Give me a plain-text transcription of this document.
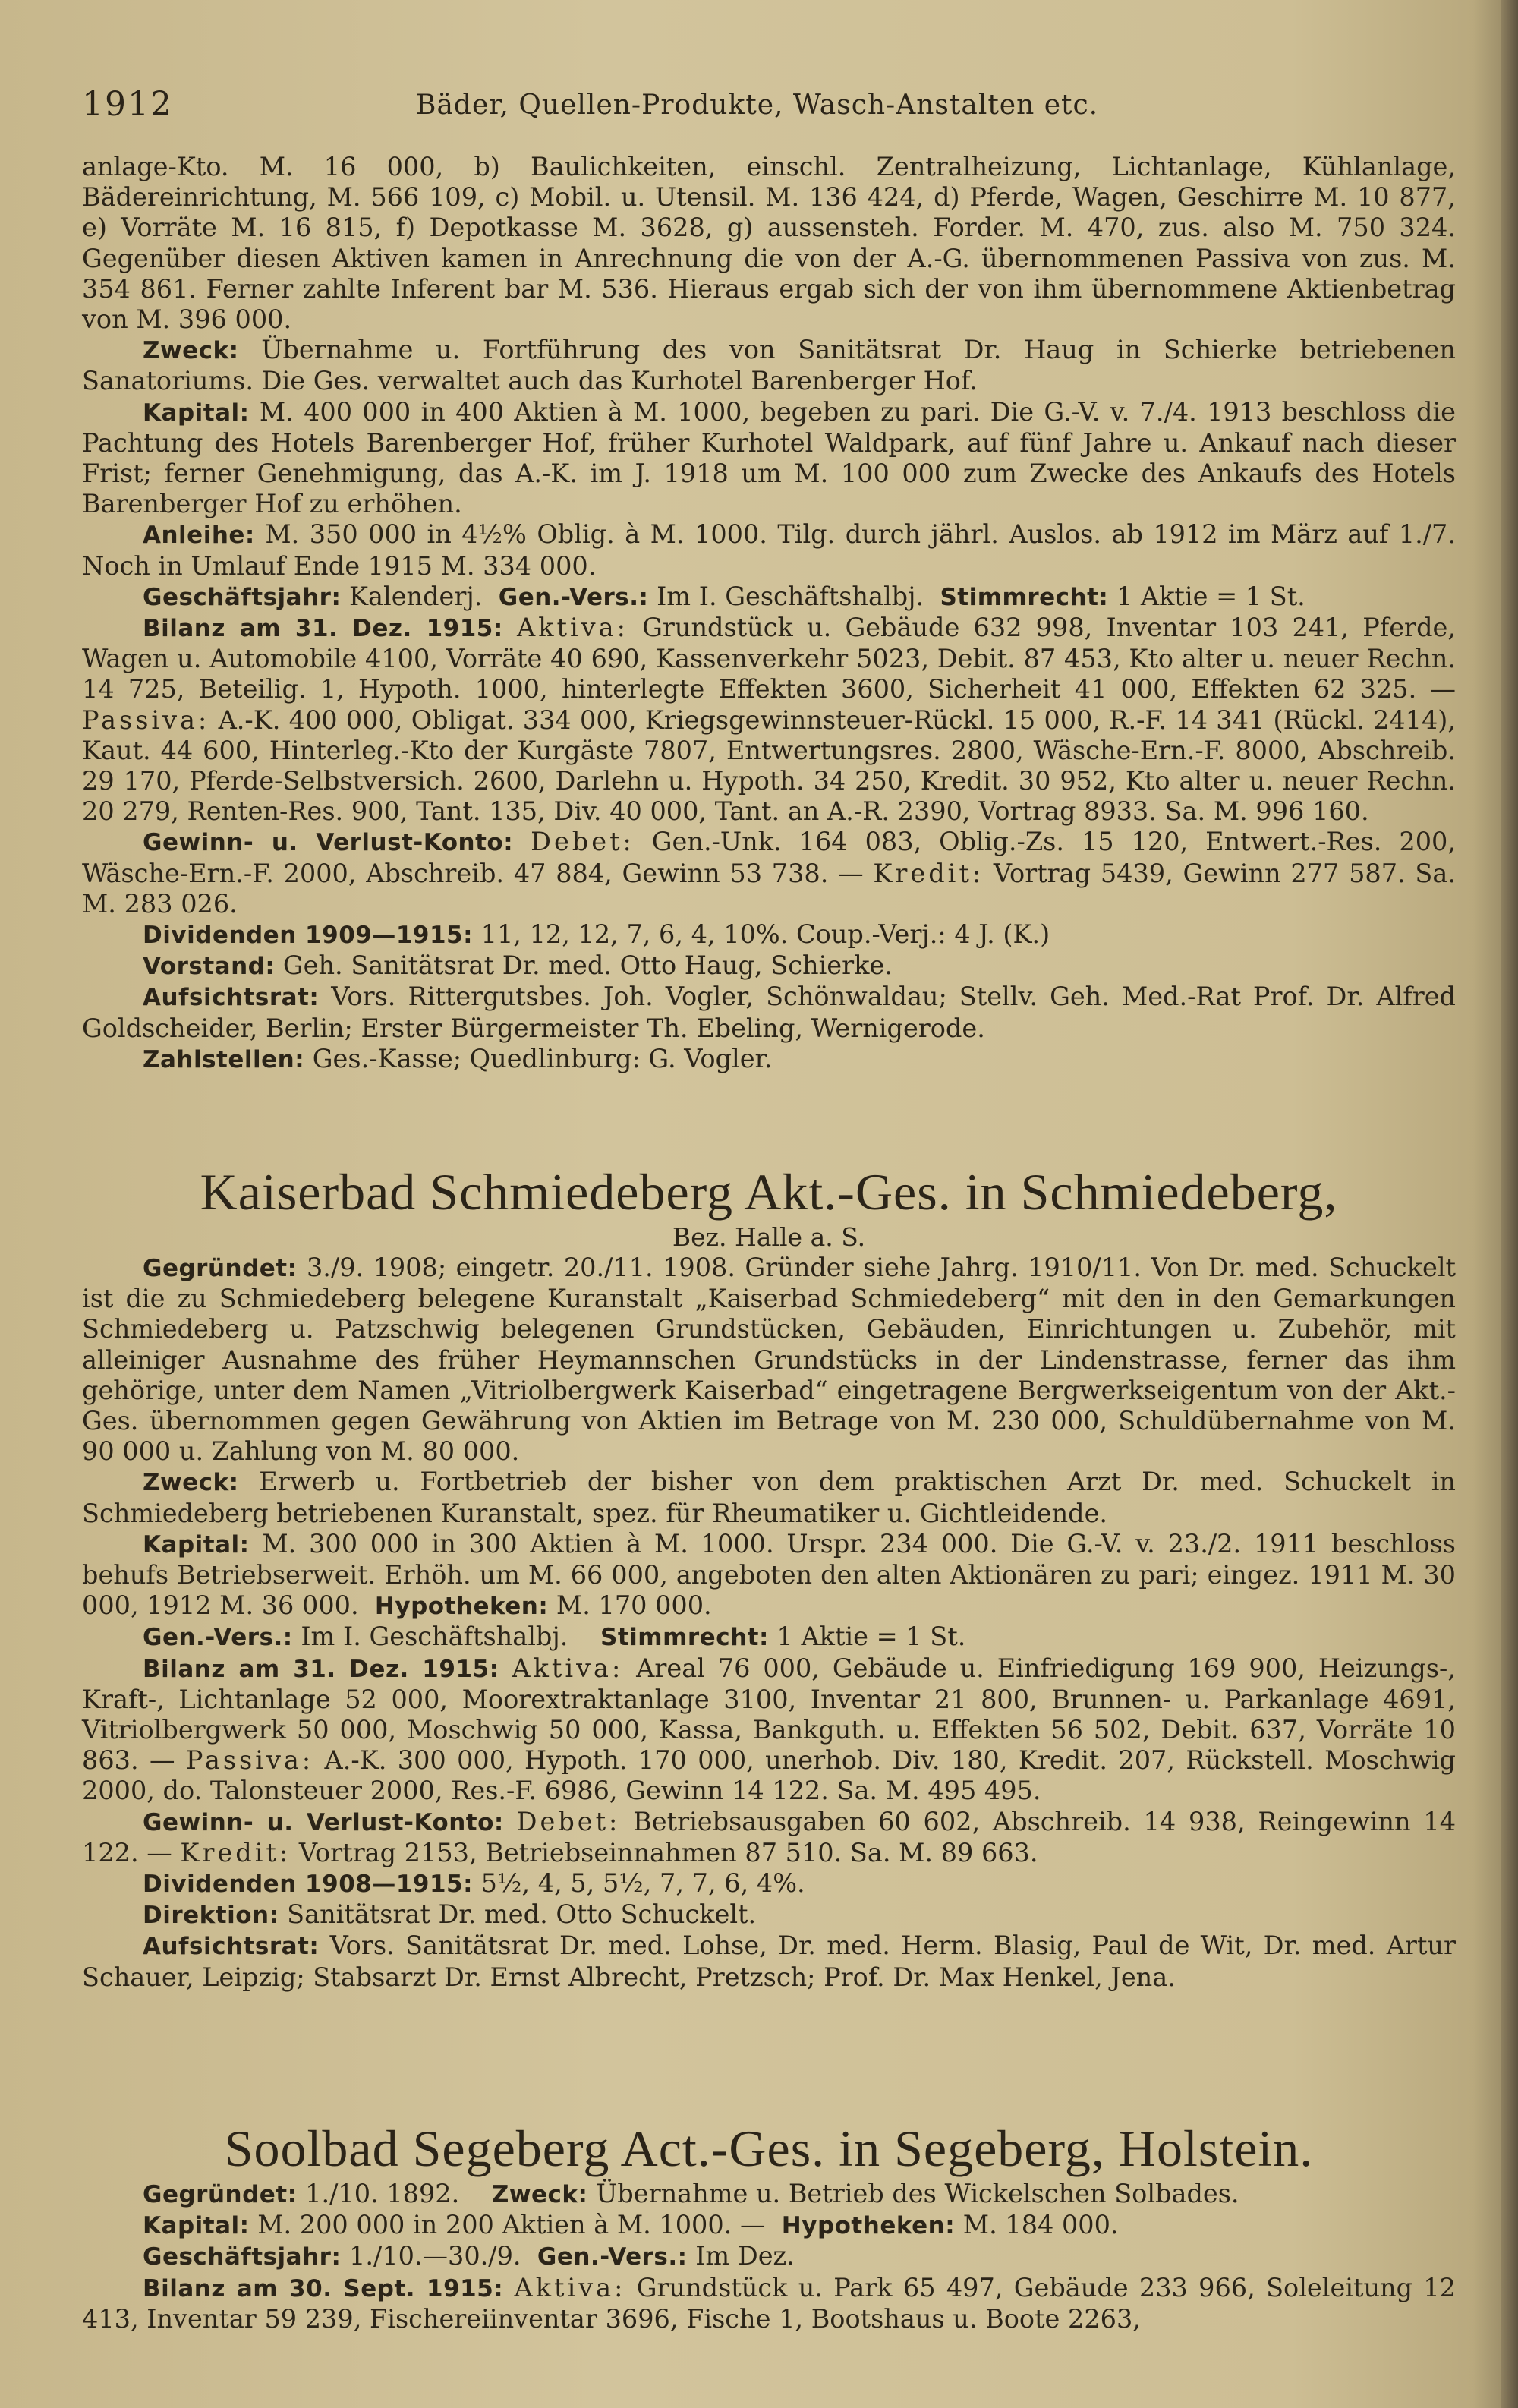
1912	Bäder, Quellen-Produkte, Wasch-Anstalten etc.

anlage-Kto. M. 16 000, b) Baulichkeiten, einschl. Zentralheizung, Lichtanlage, Kühlanlage, Bädereinrichtung, M. 566 109, c) Mobil. u. Utensil. M. 136 424, d) Pferde, Wagen, Geschirre M. 10 877, e) Vorräte M. 16 815, f) Depotkasse M. 3628, g) aussensteh. Forder. M. 470, zus. also M. 750 324. Gegenüber diesen Aktiven kamen in Anrechnung die von der A.-G. übernommenen Passiva von zus. M. 354 861. Ferner zahlte Inferent bar M. 536. Hieraus ergab sich der von ihm übernommene Aktienbetrag von M. 396 000.

Zweck: Übernahme u. Fortführung des von Sanitätsrat Dr. Haug in Schierke betriebenen Sanatoriums. Die Ges. verwaltet auch das Kurhotel Barenberger Hof.

Kapital: M. 400 000 in 400 Aktien à M. 1000, begeben zu pari. Die G.-V. v. 7./4. 1913 beschloss die Pachtung des Hotels Barenberger Hof, früher Kurhotel Waldpark, auf fünf Jahre u. Ankauf nach dieser Frist; ferner Genehmigung, das A.-K. im J. 1918 um M. 100 000 zum Zwecke des Ankaufs des Hotels Barenberger Hof zu erhöhen.

Anleihe: M. 350 000 in 4½% Oblig. à M. 1000. Tilg. durch jährl. Auslos. ab 1912 im März auf 1./7. Noch in Umlauf Ende 1915 M. 334 000.

Geschäftsjahr: Kalenderj. Gen.-Vers.: Im I. Geschäftshalbj. Stimmrecht: 1 Aktie = 1 St.

Bilanz am 31. Dez. 1915: Aktiva: Grundstück u. Gebäude 632 998, Inventar 103 241, Pferde, Wagen u. Automobile 4100, Vorräte 40 690, Kassenverkehr 5023, Debit. 87 453, Kto alter u. neuer Rechn. 14 725, Beteilig. 1, Hypoth. 1000, hinterlegte Effekten 3600, Sicherheit 41 000, Effekten 62 325. — Passiva: A.-K. 400 000, Obligat. 334 000, Kriegsgewinnsteuer-Rückl. 15 000, R.-F. 14 341 (Rückl. 2414), Kaut. 44 600, Hinterleg.-Kto der Kurgäste 7807, Entwertungsres. 2800, Wäsche-Ern.-F. 8000, Abschreib. 29 170, Pferde-Selbstversich. 2600, Darlehn u. Hypoth. 34 250, Kredit. 30 952, Kto alter u. neuer Rechn. 20 279, Renten-Res. 900, Tant. 135, Div. 40 000, Tant. an A.-R. 2390, Vortrag 8933. Sa. M. 996 160.

Gewinn- u. Verlust-Konto: Debet: Gen.-Unk. 164 083, Oblig.-Zs. 15 120, Entwert.-Res. 200, Wäsche-Ern.-F. 2000, Abschreib. 47 884, Gewinn 53 738. — Kredit: Vortrag 5439, Gewinn 277 587. Sa. M. 283 026.

Dividenden 1909—1915: 11, 12, 12, 7, 6, 4, 10%. Coup.-Verj.: 4 J. (K.)

Vorstand: Geh. Sanitätsrat Dr. med. Otto Haug, Schierke.

Aufsichtsrat: Vors. Rittergutsbes. Joh. Vogler, Schönwaldau; Stellv. Geh. Med.-Rat Prof. Dr. Alfred Goldscheider, Berlin; Erster Bürgermeister Th. Ebeling, Wernigerode.

Zahlstellen: Ges.-Kasse; Quedlinburg: G. Vogler.

Kaiserbad Schmiedeberg Akt.-Ges. in Schmiedeberg,

Bez. Halle a. S.

Gegründet: 3./9. 1908; eingetr. 20./11. 1908. Gründer siehe Jahrg. 1910/11. Von Dr. med. Schuckelt ist die zu Schmiedeberg belegene Kuranstalt „Kaiserbad Schmiedeberg“ mit den in den Gemarkungen Schmiedeberg u. Patzschwig belegenen Grundstücken, Gebäuden, Einrichtungen u. Zubehör, mit alleiniger Ausnahme des früher Heymannschen Grundstücks in der Lindenstrasse, ferner das ihm gehörige, unter dem Namen „Vitriolbergwerk Kaiserbad“ eingetragene Bergwerkseigentum von der Akt.-Ges. übernommen gegen Gewährung von Aktien im Betrage von M. 230 000, Schuldübernahme von M. 90 000 u. Zahlung von M. 80 000.

Zweck: Erwerb u. Fortbetrieb der bisher von dem praktischen Arzt Dr. med. Schuckelt in Schmiedeberg betriebenen Kuranstalt, spez. für Rheumatiker u. Gichtleidende.

Kapital: M. 300 000 in 300 Aktien à M. 1000. Urspr. 234 000. Die G.-V. v. 23./2. 1911 beschloss behufs Betriebserweit. Erhöh. um M. 66 000, angeboten den alten Aktionären zu pari; eingez. 1911 M. 30 000, 1912 M. 36 000. Hypotheken: M. 170 000.

Gen.-Vers.: Im I. Geschäftshalbj. Stimmrecht: 1 Aktie = 1 St.

Bilanz am 31. Dez. 1915: Aktiva: Areal 76 000, Gebäude u. Einfriedigung 169 900, Heizungs-, Kraft-, Lichtanlage 52 000, Moorextraktanlage 3100, Inventar 21 800, Brunnen- u. Parkanlage 4691, Vitriolbergwerk 50 000, Moschwig 50 000, Kassa, Bankguth. u. Effekten 56 502, Debit. 637, Vorräte 10 863. — Passiva: A.-K. 300 000, Hypoth. 170 000, unerhob. Div. 180, Kredit. 207, Rückstell. Moschwig 2000, do. Talonsteuer 2000, Res.-F. 6986, Gewinn 14 122. Sa. M. 495 495.

Gewinn- u. Verlust-Konto: Debet: Betriebsausgaben 60 602, Abschreib. 14 938, Reingewinn 14 122. — Kredit: Vortrag 2153, Betriebseinnahmen 87 510. Sa. M. 89 663.

Dividenden 1908—1915: 5½, 4, 5, 5½, 7, 7, 6, 4%.

Direktion: Sanitätsrat Dr. med. Otto Schuckelt.

Aufsichtsrat: Vors. Sanitätsrat Dr. med. Lohse, Dr. med. Herm. Blasig, Paul de Wit, Dr. med. Artur Schauer, Leipzig; Stabsarzt Dr. Ernst Albrecht, Pretzsch; Prof. Dr. Max Henkel, Jena.

Soolbad Segeberg Act.-Ges. in Segeberg, Holstein.

Gegründet: 1./10. 1892. Zweck: Übernahme u. Betrieb des Wickelschen Solbades.

Kapital: M. 200 000 in 200 Aktien à M. 1000. — Hypotheken: M. 184 000.

Geschäftsjahr: 1./10.—30./9. Gen.-Vers.: Im Dez.

Bilanz am 30. Sept. 1915: Aktiva: Grundstück u. Park 65 497, Gebäude 233 966, Soleleitung 12 413, Inventar 59 239, Fischereiinventar 3696, Fische 1, Bootshaus u. Boote 2263,
